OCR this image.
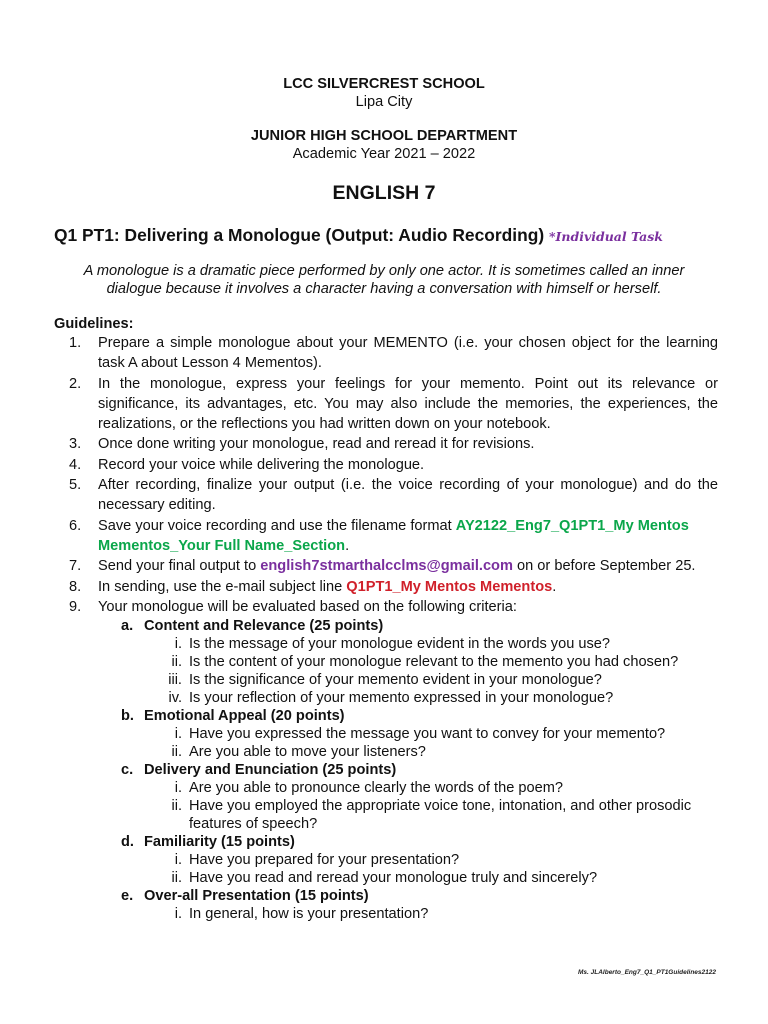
LCC SILVERCREST SCHOOL
Lipa City
JUNIOR HIGH SCHOOL DEPARTMENT
Academic Year 2021 – 2022
ENGLISH 7
Q1 PT1: Delivering a Monologue (Output: Audio Recording) *Individual Task
A monologue is a dramatic piece performed by only one actor. It is sometimes called an inner dialogue because it involves a character having a conversation with himself or herself.
Guidelines:
1. Prepare a simple monologue about your MEMENTO (i.e. your chosen object for the learning task A about Lesson 4 Mementos).
2. In the monologue, express your feelings for your memento. Point out its relevance or significance, its advantages, etc. You may also include the memories, the experiences, the realizations, or the reflections you had written down on your notebook.
3. Once done writing your monologue, read and reread it for revisions.
4. Record your voice while delivering the monologue.
5. After recording, finalize your output (i.e. the voice recording of your monologue) and do the necessary editing.
6. Save your voice recording and use the filename format AY2122_Eng7_Q1PT1_My Mentos Mementos_Your Full Name_Section.
7. Send your final output to english7stmarthalcclms@gmail.com on or before September 25.
8. In sending, use the e-mail subject line Q1PT1_My Mentos Mementos.
9. Your monologue will be evaluated based on the following criteria:
a. Content and Relevance (25 points)
i. Is the message of your monologue evident in the words you use?
ii. Is the content of your monologue relevant to the memento you had chosen?
iii. Is the significance of your memento evident in your monologue?
iv. Is your reflection of your memento expressed in your monologue?
b. Emotional Appeal (20 points)
i. Have you expressed the message you want to convey for your memento?
ii. Are you able to move your listeners?
c. Delivery and Enunciation (25 points)
i. Are you able to pronounce clearly the words of the poem?
ii. Have you employed the appropriate voice tone, intonation, and other prosodic features of speech?
d. Familiarity (15 points)
i. Have you prepared for your presentation?
ii. Have you read and reread your monologue truly and sincerely?
e. Over-all Presentation (15 points)
i. In general, how is your presentation?
Ms. JLAlberto_Eng7_Q1_PT1Guidelines2122
